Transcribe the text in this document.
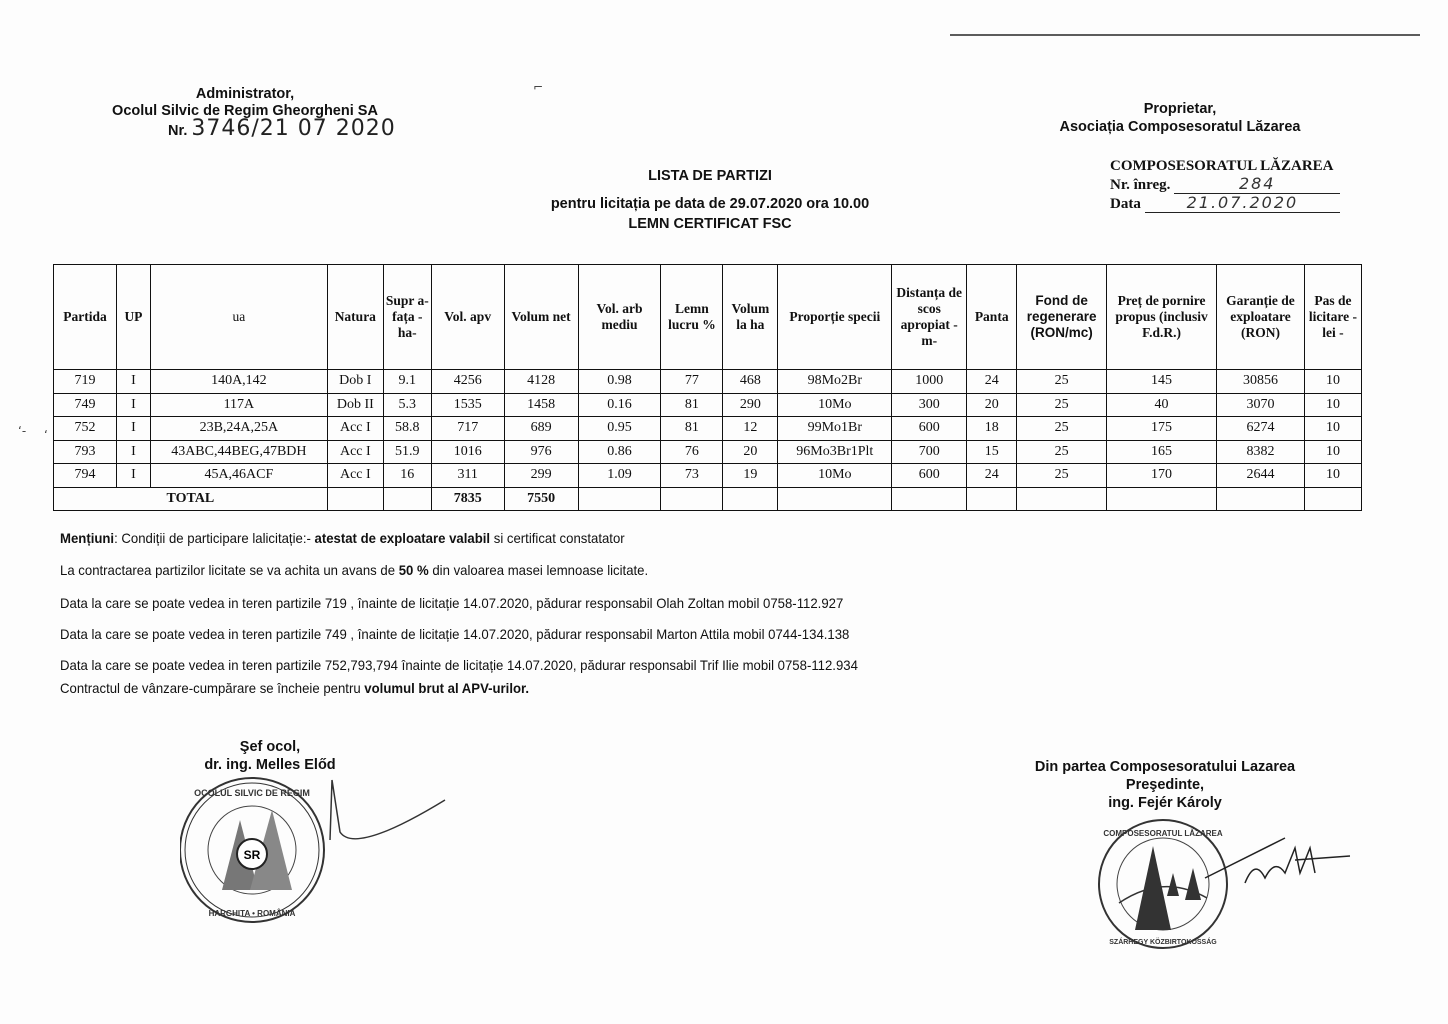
‘- ‘
⌐
Administrator,
Ocolul Silvic de Regim Gheorgheni SA
Nr. 3746/21 07 2020
Proprietar,
Asociația Composesoratul Lăzarea
COMPOSESORATUL LĂZAREA
Nr. înreg.	284
Data	21.07.2020
LISTA DE PARTIZI
pentru licitația pe data de 29.07.2020 ora 10.00
LEMN CERTIFICAT FSC
Partida	UP	ua	Natura	Supr a- fața -ha-	Vol. apv	Volum net	Vol. arb mediu	Lemn lucru %	Volum la ha	Proporție specii	Distanța de scos apropiat -m-	Panta	Fond de regenerare (RON/mc)	Preț de pornire propus (inclusiv F.d.R.)	Garanție de exploatare (RON)	Pas de licitare - lei -
719	I	140A,142	Dob I	9.1	4256	4128	0.98	77	468	98Mo2Br	1000	24	25	145	30856	10
749	I	117A	Dob II	5.3	1535	1458	0.16	81	290	10Mo	300	20	25	40	3070	10
752	I	23B,24A,25A	Acc I	58.8	717	689	0.95	81	12	99Mo1Br	600	18	25	175	6274	10
793	I	43ABC,44BEG,47BDH	Acc I	51.9	1016	976	0.86	76	20	96Mo3Br1Plt	700	15	25	165	8382	10
794	I	45A,46ACF	Acc I	16	311	299	1.09	73	19	10Mo	600	24	25	170	2644	10
TOTAL					7835	7550										

Mențiuni: Condiții de participare lalicitație:- atestat de exploatare valabil si certificat constatator

La contractarea partizilor licitate se va achita un avans de 50 % din valoarea masei lemnoase licitate.

Data la care se poate vedea in teren partizile 719 , înainte de licitație 14.07.2020, pădurar responsabil Olah Zoltan mobil 0758-112.927

Data la care se poate vedea in teren partizile 749 , înainte de licitație 14.07.2020, pădurar responsabil Marton Attila mobil 0744-134.138

Data la care se poate vedea in teren partizile 752,793,794 înainte de licitație 14.07.2020, pădurar responsabil Trif Ilie mobil 0758-112.934

Contractul de vânzare-cumpărare se încheie pentru volumul brut al APV-urilor.

Şef ocol,
dr. ing. Melles Előd
SR
OCOLUL SILVIC DE REGIM
HARGHITA • ROMÂNIA
Din partea Composesoratului Lazarea
Preşedinte,
ing. Fejér Károly
COMPOSESORATUL LĂZAREA
SZÁRHEGY KÖZBIRTOKOSSÁG
